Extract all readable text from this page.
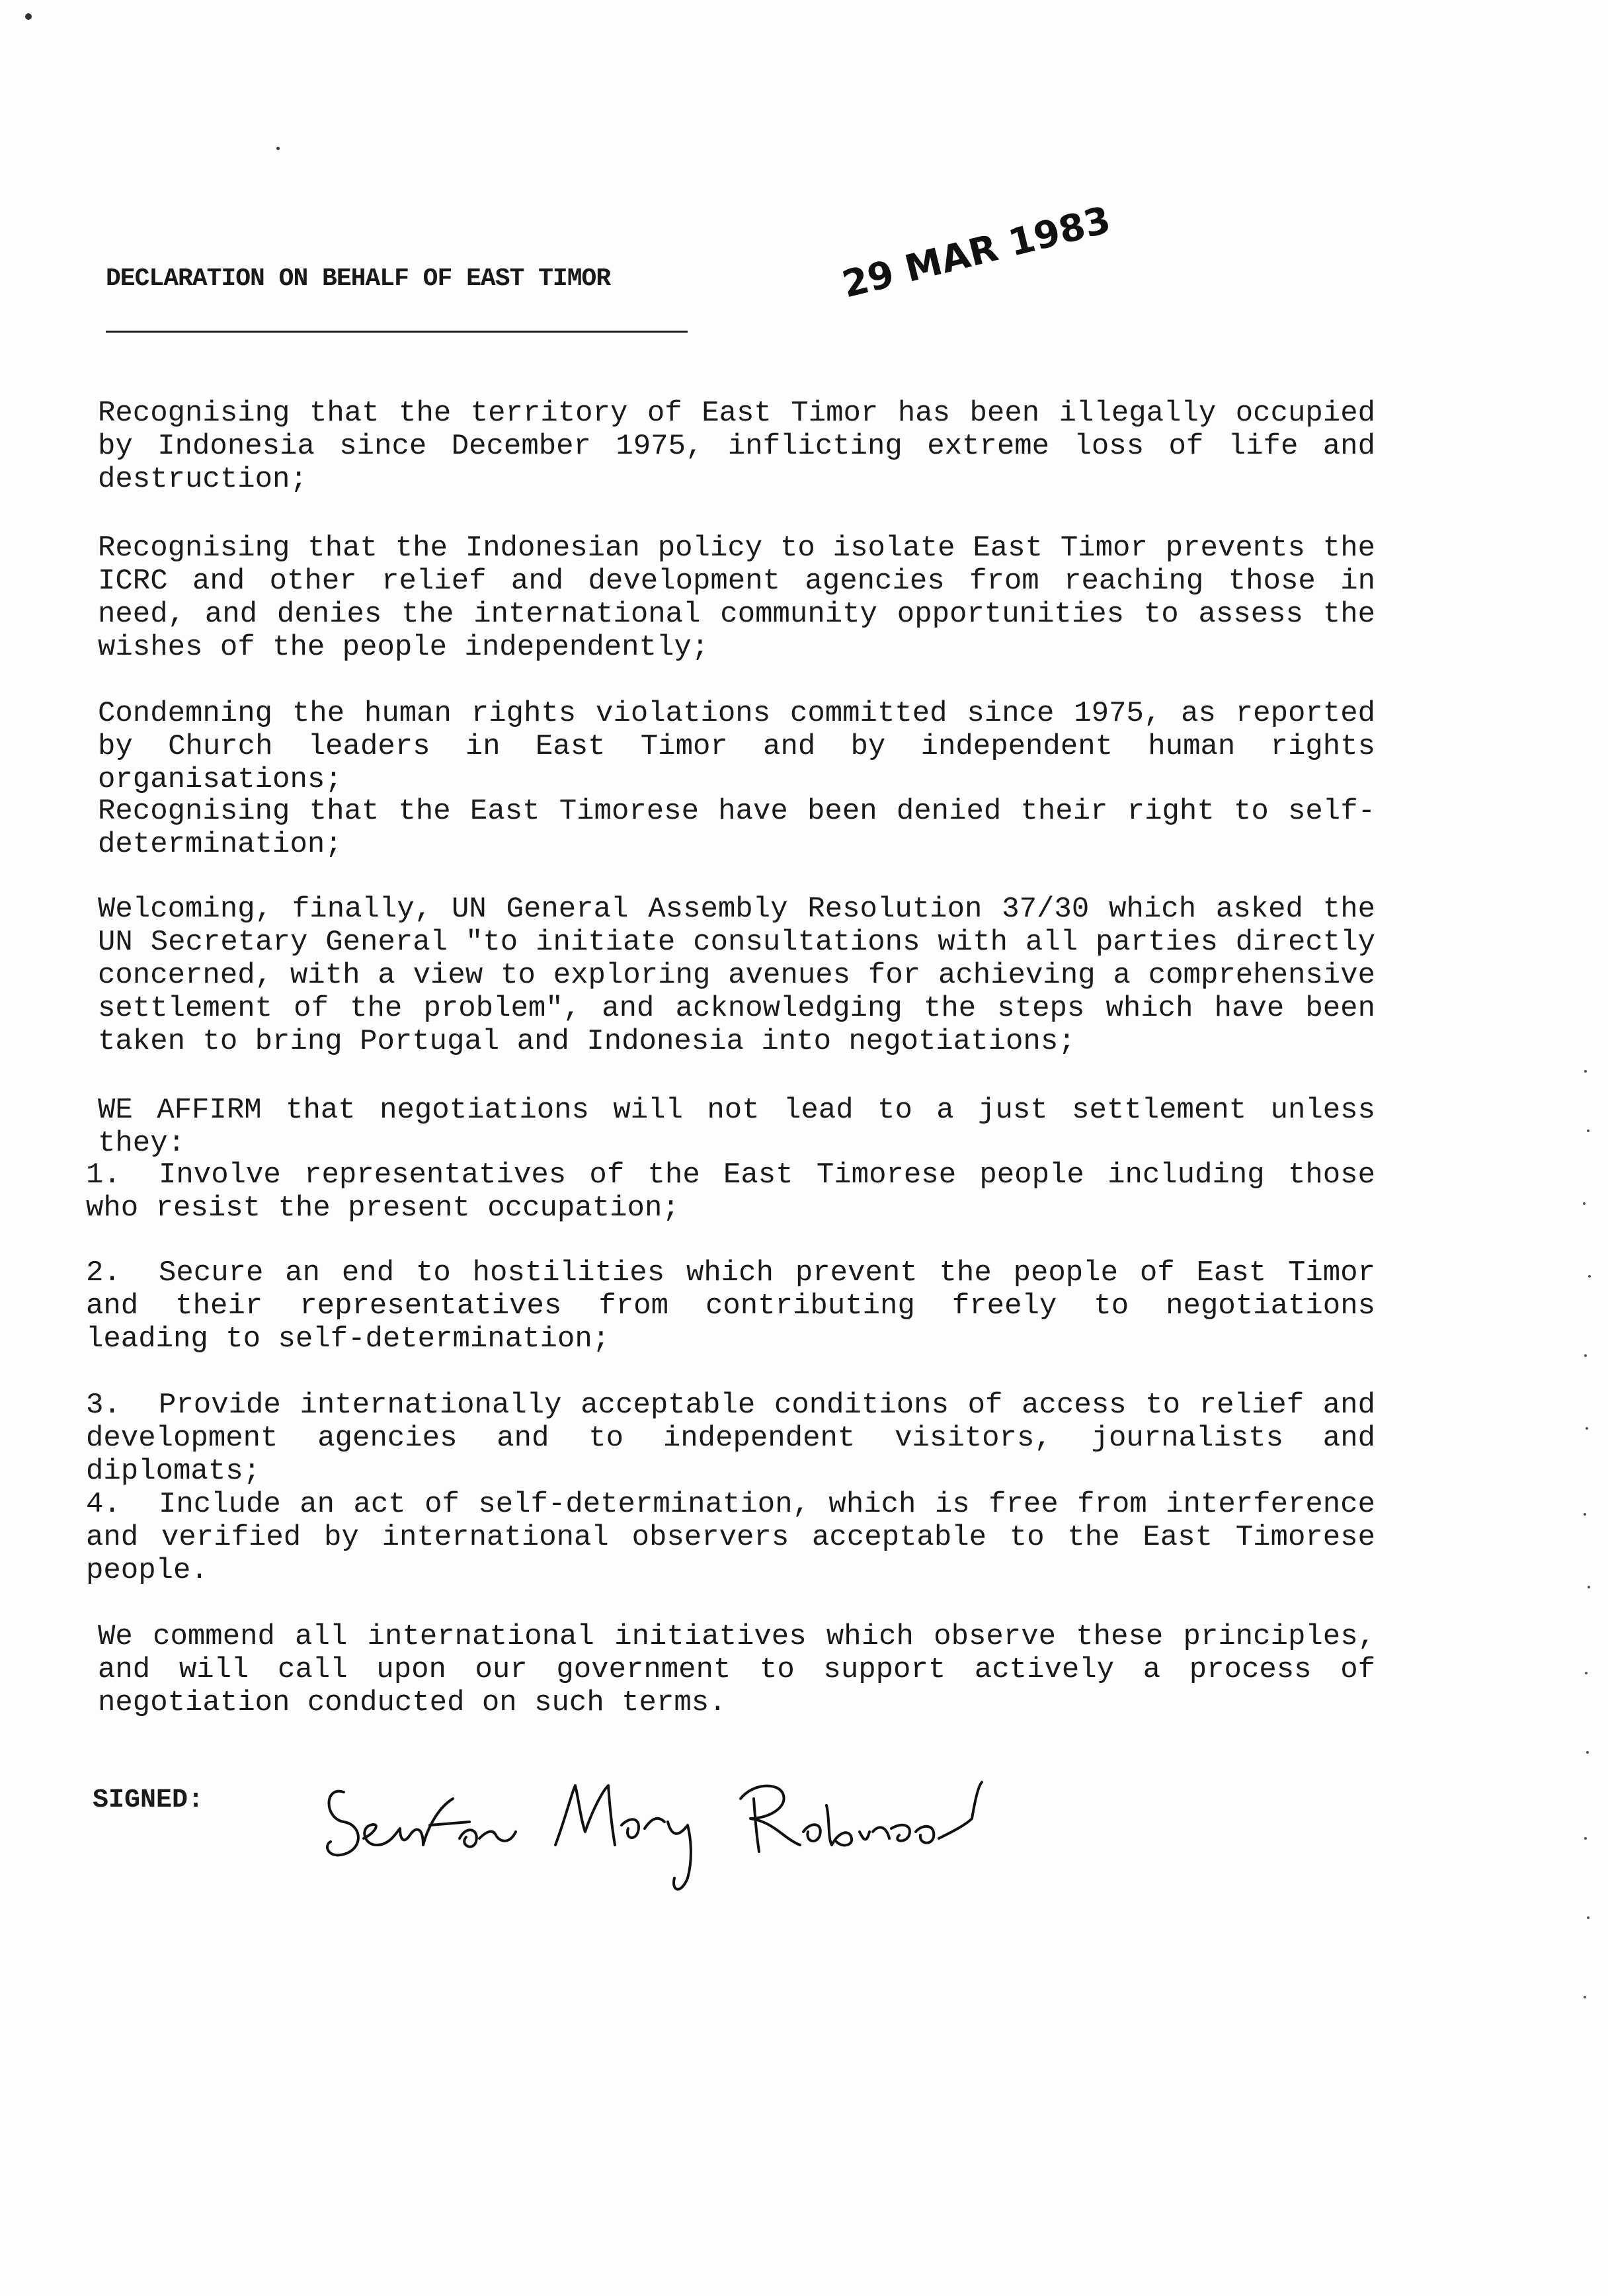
DECLARATION ON BEHALF OF EAST TIMOR	29 MAR 1983

Recognising that the territory of East Timor has been illegally occupied by Indonesia since December 1975, inflicting extreme loss of life and destruction;

Recognising that the Indonesian policy to isolate East Timor prevents the ICRC and other relief and development agencies from reaching those in need, and denies the international community opportunities to assess the wishes of the people independently;

Condemning the human rights violations committed since 1975, as reported by Church leaders in East Timor and by independent human rights organisations;

Recognising that the East Timorese have been denied their right to self-determination;

Welcoming, finally, UN General Assembly Resolution 37/30 which asked the UN Secretary General "to initiate consultations with all parties directly concerned, with a view to exploring avenues for achieving a comprehensive settlement of the problem", and acknowledging the steps which have been taken to bring Portugal and Indonesia into negotiations;

WE AFFIRM that negotiations will not lead to a just settlement unless they:

1. Involve representatives of the East Timorese people including those who resist the present occupation;

2. Secure an end to hostilities which prevent the people of East Timor and their representatives from contributing freely to negotiations leading to self-determination;

3. Provide internationally acceptable conditions of access to relief and development agencies and to independent visitors, journalists and diplomats;

4. Include an act of self-determination, which is free from interference and verified by international observers acceptable to the East Timorese people.

We commend all international initiatives which observe these principles, and will call upon our government to support actively a process of negotiation conducted on such terms.

SIGNED:
